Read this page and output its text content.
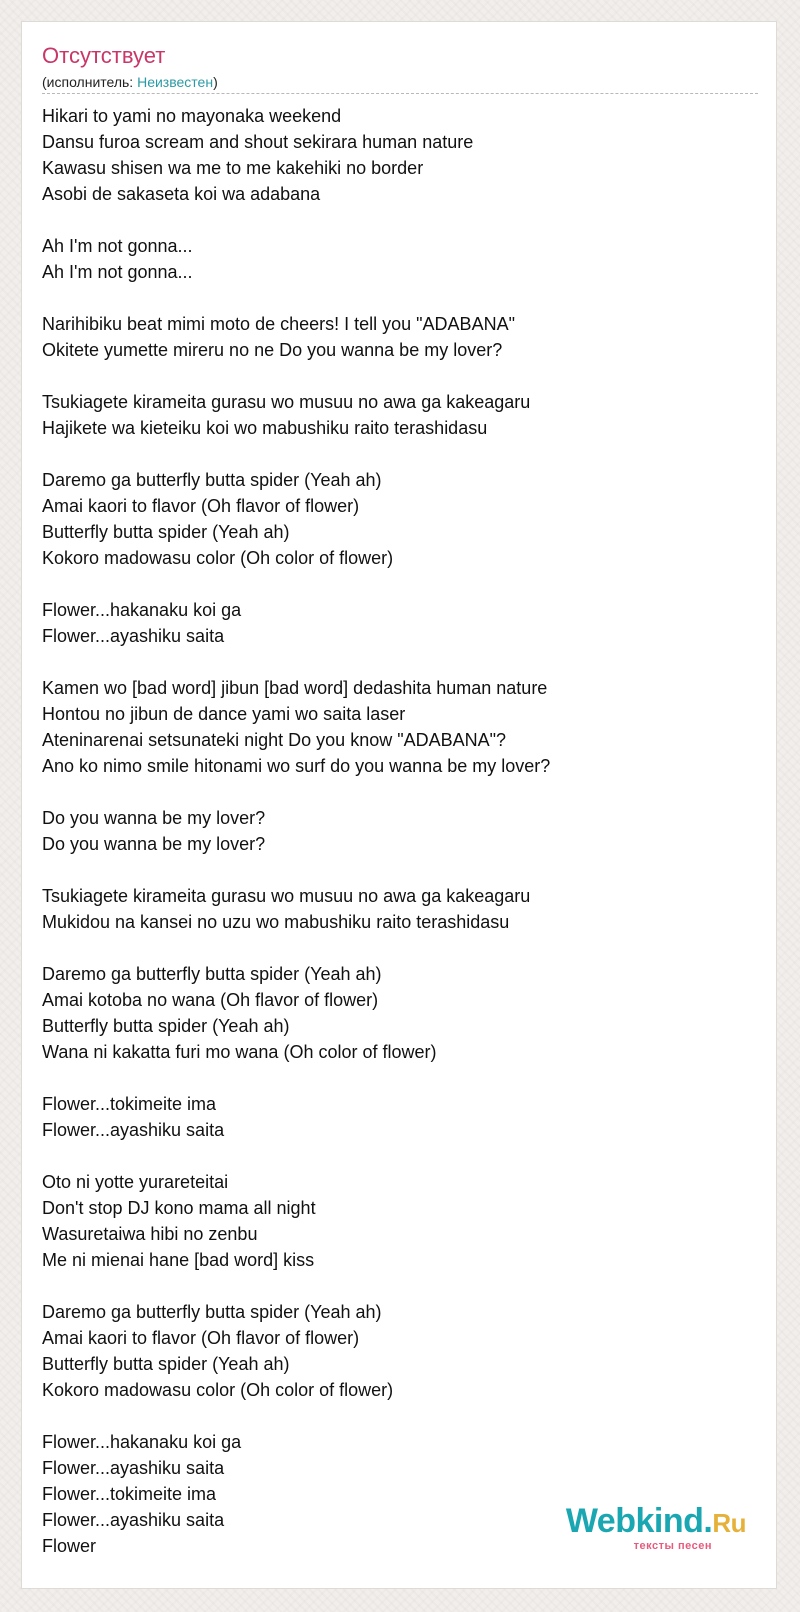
Отсутствует
(исполнитель: Неизвестен)
Hikari to yami no mayonaka weekend
Dansu furoa scream and shout sekirara human nature
Kawasu shisen wa me to me kakehiki no border
Asobi de sakaseta koi wa adabana
Ah I'm not gonna...
Ah I'm not gonna...
Narihibiku beat mimi moto de cheers! I tell you "ADABANA"
Okitete yumette mireru no ne Do you wanna be my lover?
Tsukiagete kirameita gurasu wo musuu no awa ga kakeagaru
Hajikete wa kieteiku koi wo mabushiku raito terashidasu
Daremo ga butterfly butta spider (Yeah ah)
Amai kaori to flavor (Oh flavor of flower)
Butterfly butta spider (Yeah ah)
Kokoro madowasu color (Oh color of flower)
Flower...hakanaku koi ga
Flower...ayashiku saita
Kamen wo [bad word] jibun [bad word] dedashita human nature
Hontou no jibun de dance yami wo saita laser
Ateninarenai setsunateki night Do you know "ADABANA"?
Ano ko nimo smile hitonami wo surf do you wanna be my lover?
Do you wanna be my lover?
Do you wanna be my lover?
Tsukiagete kirameita gurasu wo musuu no awa ga kakeagaru
Mukidou na kansei no uzu wo mabushiku raito terashidasu
Daremo ga butterfly butta spider (Yeah ah)
Amai kotoba no wana (Oh flavor of flower)
Butterfly butta spider (Yeah ah)
Wana ni kakatta furi mo wana (Oh color of flower)
Flower...tokimeite ima
Flower...ayashiku saita
Oto ni yotte yurareteitai
Don't stop DJ kono mama all night
Wasuretaiwa hibi no zenbu
Me ni mienai hane [bad word] kiss
Daremo ga butterfly butta spider (Yeah ah)
Amai kaori to flavor (Oh flavor of flower)
Butterfly butta spider (Yeah ah)
Kokoro madowasu color (Oh color of flower)
Flower...hakanaku koi ga
Flower...ayashiku saita
Flower...tokimeite ima
Flower...ayashiku saita
Flower
Webkind.Ru
тексты песен
